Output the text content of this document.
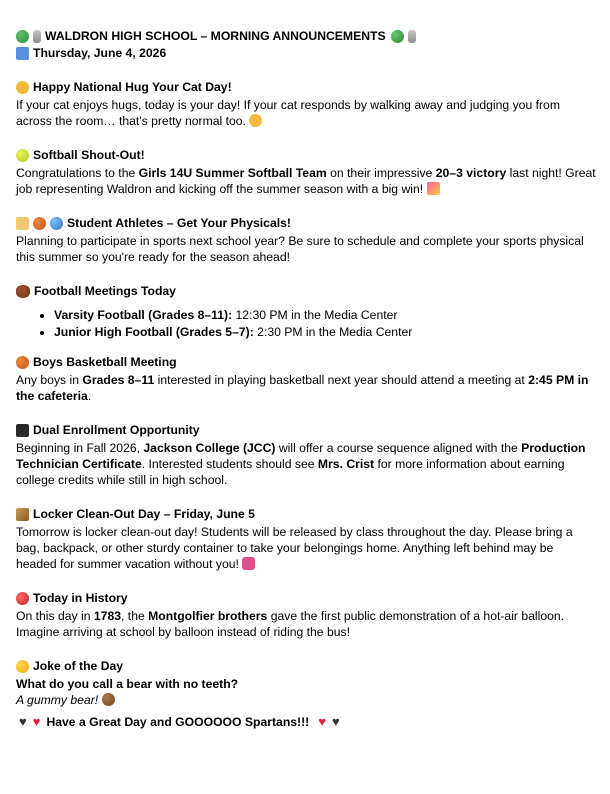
WALDRON HIGH SCHOOL – MORNING ANNOUNCEMENTS
Thursday, June 4, 2026
Happy National Hug Your Cat Day!
If your cat enjoys hugs, today is your day! If your cat responds by walking away and judging you from across the room… that's pretty normal too.
Softball Shout-Out!
Congratulations to the Girls 14U Summer Softball Team on their impressive 20–3 victory last night! Great job representing Waldron and kicking off the summer season with a big win!
Student Athletes – Get Your Physicals!
Planning to participate in sports next school year? Be sure to schedule and complete your sports physical this summer so you're ready for the season ahead!
Football Meetings Today
• Varsity Football (Grades 8–11): 12:30 PM in the Media Center
• Junior High Football (Grades 5–7): 2:30 PM in the Media Center
Boys Basketball Meeting
Any boys in Grades 8–11 interested in playing basketball next year should attend a meeting at 2:45 PM in the cafeteria.
Dual Enrollment Opportunity
Beginning in Fall 2026, Jackson College (JCC) will offer a course sequence aligned with the Production Technician Certificate. Interested students should see Mrs. Crist for more information about earning college credits while still in high school.
Locker Clean-Out Day – Friday, June 5
Tomorrow is locker clean-out day! Students will be released by class throughout the day. Please bring a bag, backpack, or other sturdy container to take your belongings home. Anything left behind may be headed for summer vacation without you!
Today in History
On this day in 1783, the Montgolfier brothers gave the first public demonstration of a hot-air balloon. Imagine arriving at school by balloon instead of riding the bus!
Joke of the Day
What do you call a bear with no teeth?
A gummy bear!
♥ ♥ Have a Great Day and GOOOOOO Spartans!!! ♥ ♥
